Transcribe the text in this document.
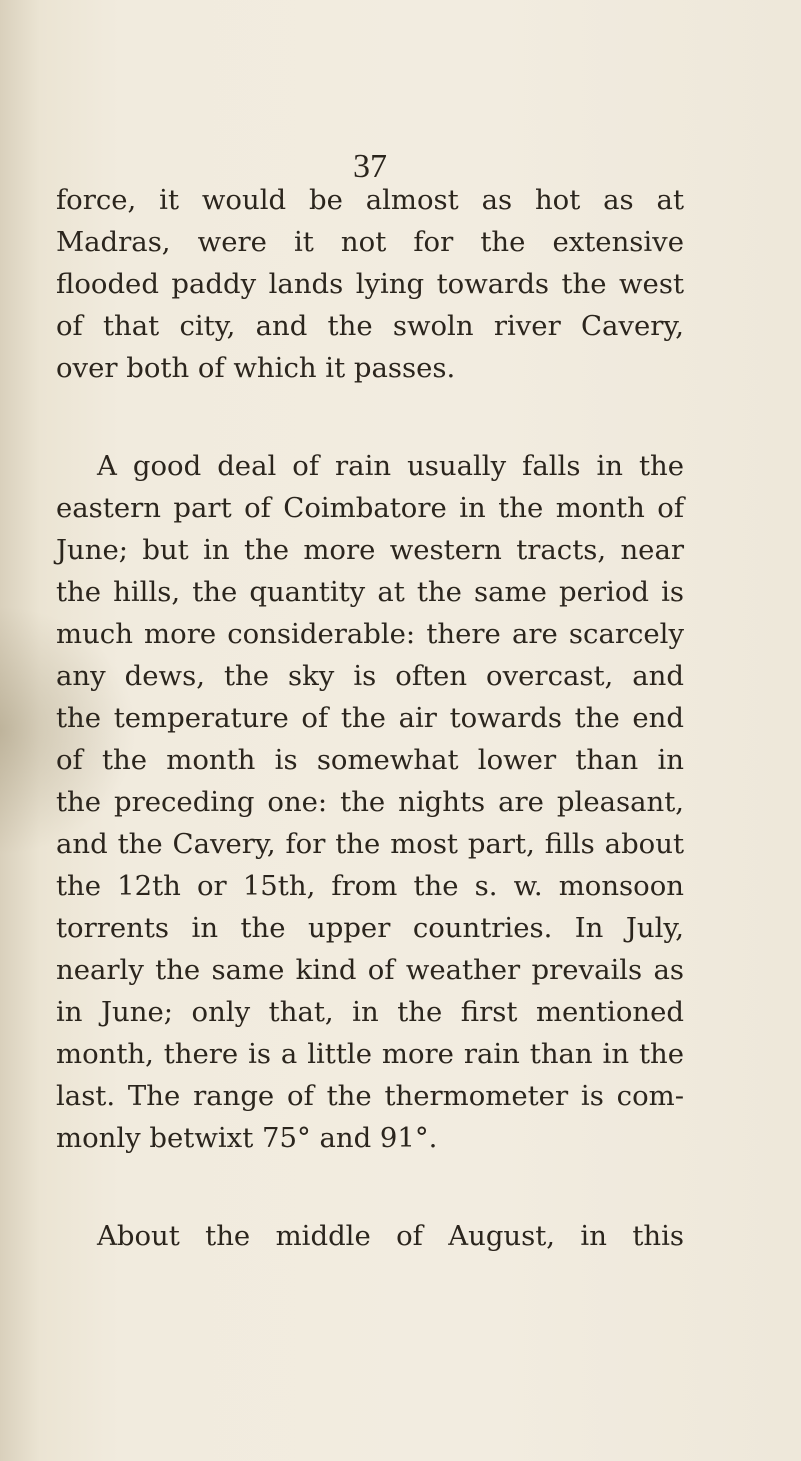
37

force, it would be almost as hot as at

Madras, were it not for the extensive

flooded paddy lands lying towards the west

of that city, and the swoln river Cavery,

over both of which it passes.

A good deal of rain usually falls in the

eastern part of Coimbatore in the month of

June; but in the more western tracts, near

the hills, the quantity at the same period is

much more considerable: there are scarcely

any dews, the sky is often overcast, and

the temperature of the air towards the end

of the month is somewhat lower than in

the preceding one: the nights are pleasant,

and the Cavery, for the most part, fills about

the 12th or 15th, from the s. w. monsoon

torrents in the upper countries. In July,

nearly the same kind of weather prevails as

in June; only that, in the first mentioned

month, there is a little more rain than in the

last. The range of the thermometer is com-

monly betwixt 75° and 91°.

About the middle of August, in this
